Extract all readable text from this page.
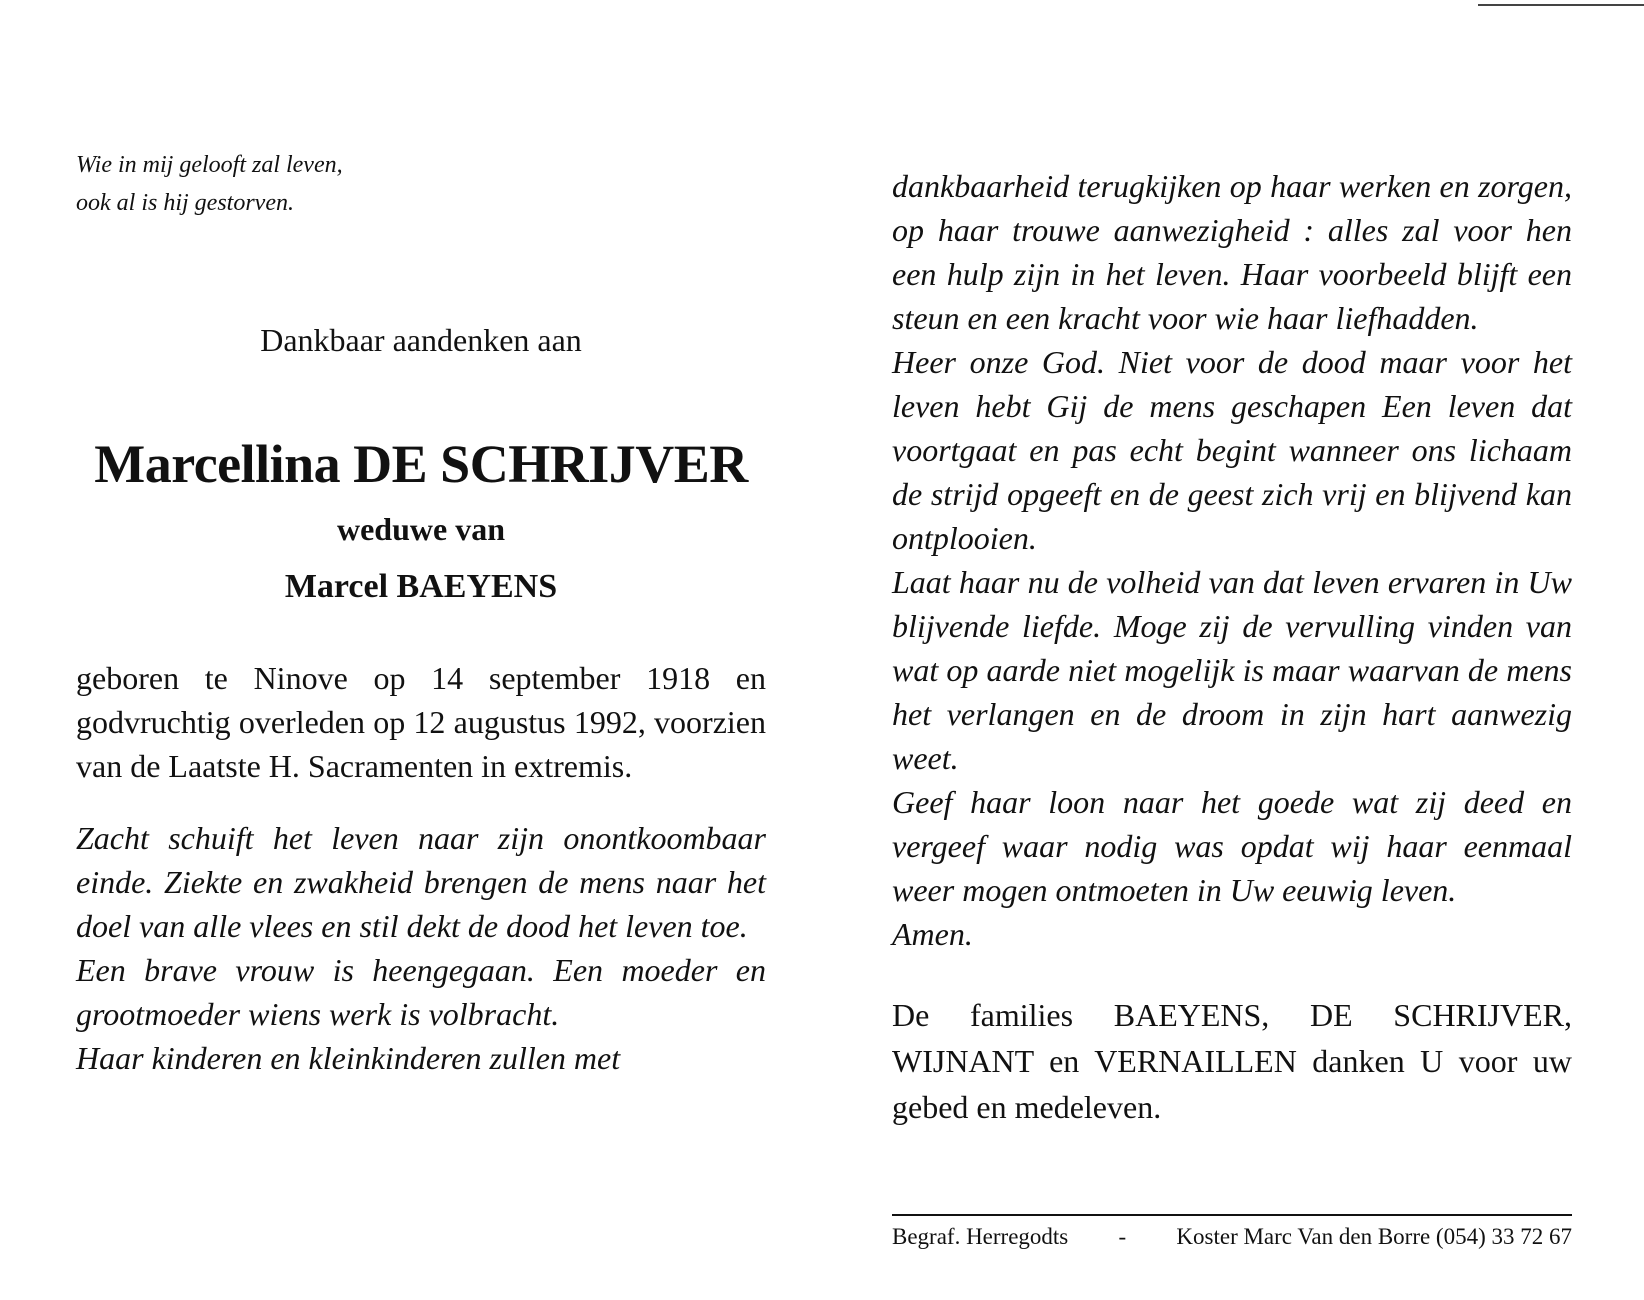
Wie in mij gelooft zal leven,
ook al is hij gestorven.

Dankbaar aandenken aan

Marcellina DE SCHRIJVER

weduwe van

Marcel BAEYENS

geboren te Ninove op 14 september 1918 en godvruchtig overleden op 12 augustus 1992, voorzien van de Laatste H. Sacramenten in extremis.

Zacht schuift het leven naar zijn onontkoombaar einde. Ziekte en zwakheid brengen de mens naar het doel van alle vlees en stil dekt de dood het leven toe.

Een brave vrouw is heengegaan. Een moeder en grootmoeder wiens werk is volbracht.

Haar kinderen en kleinkinderen zullen met

dankbaarheid terugkijken op haar werken en zorgen, op haar trouwe aanwezigheid : alles zal voor hen een hulp zijn in het leven. Haar voorbeeld blijft een steun en een kracht voor wie haar liefhadden.

Heer onze God. Niet voor de dood maar voor het leven hebt Gij de mens geschapen Een leven dat voortgaat en pas echt begint wanneer ons lichaam de strijd opgeeft en de geest zich vrij en blijvend kan ontplooien.

Laat haar nu de volheid van dat leven ervaren in Uw blijvende liefde. Moge zij de vervulling vinden van wat op aarde niet mogelijk is maar waarvan de mens het verlangen en de droom in zijn hart aanwezig weet.

Geef haar loon naar het goede wat zij deed en vergeef waar nodig was opdat wij haar eenmaal weer mogen ontmoeten in Uw eeuwig leven.

Amen.

De families BAEYENS, DE SCHRIJVER, WIJNANT en VERNAILLEN danken U voor uw gebed en medeleven.

Begraf. Herregodts - Koster Marc Van den Borre (054) 33 72 67
